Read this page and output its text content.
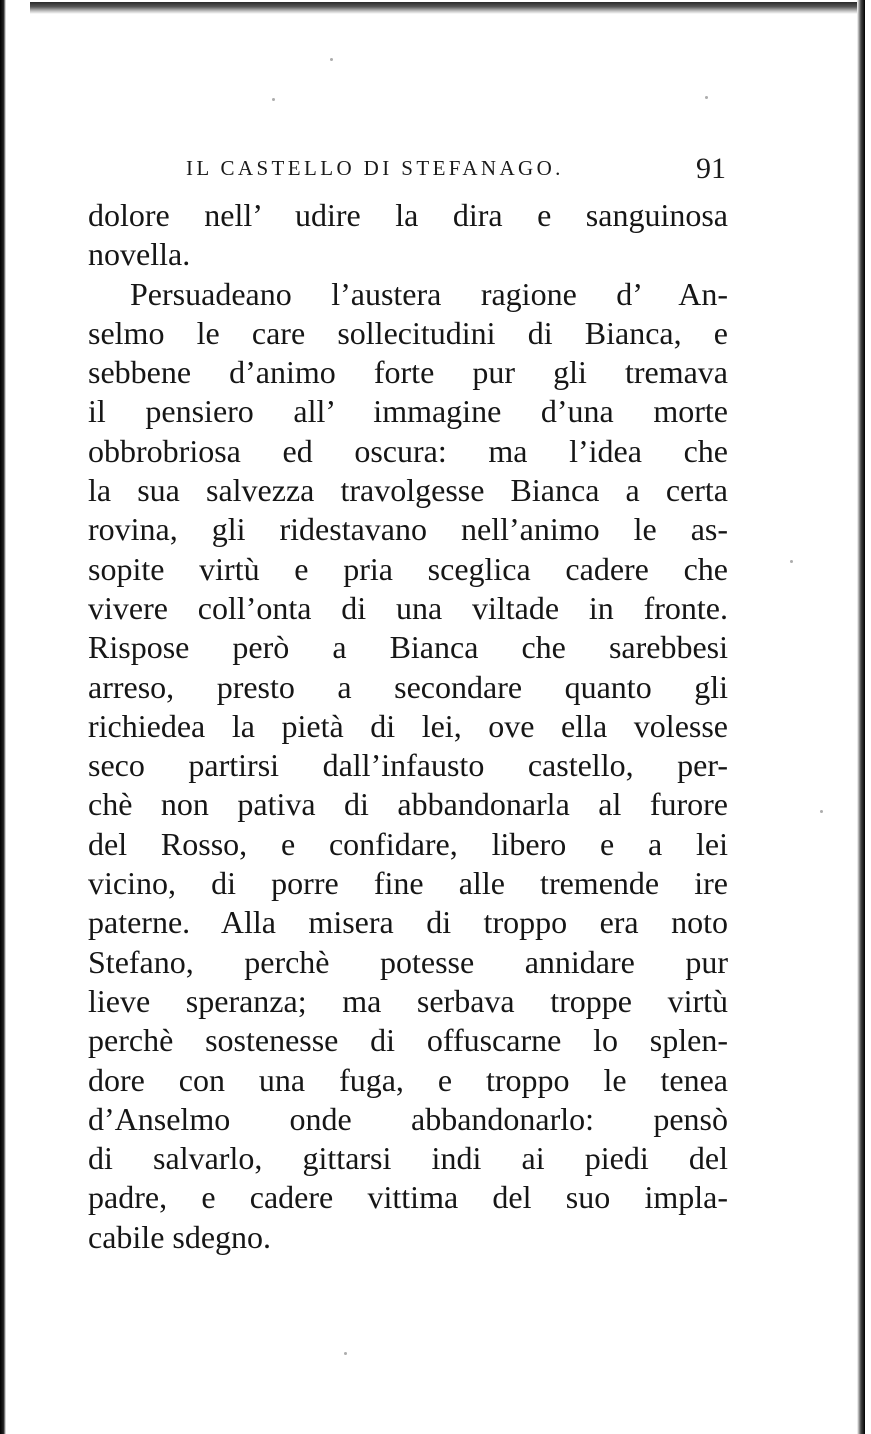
IL CASTELLO DI STEFANAGO.	91
dolore nell’ udire la dira e sanguinosa
novella.
Persuadeano l’austera ragione d’ An-
selmo le care sollecitudini di Bianca, e
sebbene d’animo forte pur gli tremava
il pensiero all’ immagine d’una morte
obbrobriosa ed oscura: ma l’idea che
la sua salvezza travolgesse Bianca a certa
rovina, gli ridestavano nell’animo le as-
sopite virtù e pria sceglica cadere che
vivere coll’onta di una viltade in fronte.
Rispose però a Bianca che sarebbesi
arreso, presto a secondare quanto gli
richiedea la pietà di lei, ove ella volesse
seco partirsi dall’infausto castello, per-
chè non pativa di abbandonarla al furore
del Rosso, e confidare, libero e a lei
vicino, di porre fine alle tremende ire
paterne. Alla misera di troppo era noto
Stefano, perchè potesse annidare pur
lieve speranza; ma serbava troppe virtù
perchè sostenesse di offuscarne lo splen-
dore con una fuga, e troppo le tenea
d’Anselmo onde abbandonarlo: pensò
di salvarlo, gittarsi indi ai piedi del
padre, e cadere vittima del suo impla-
cabile sdegno.
